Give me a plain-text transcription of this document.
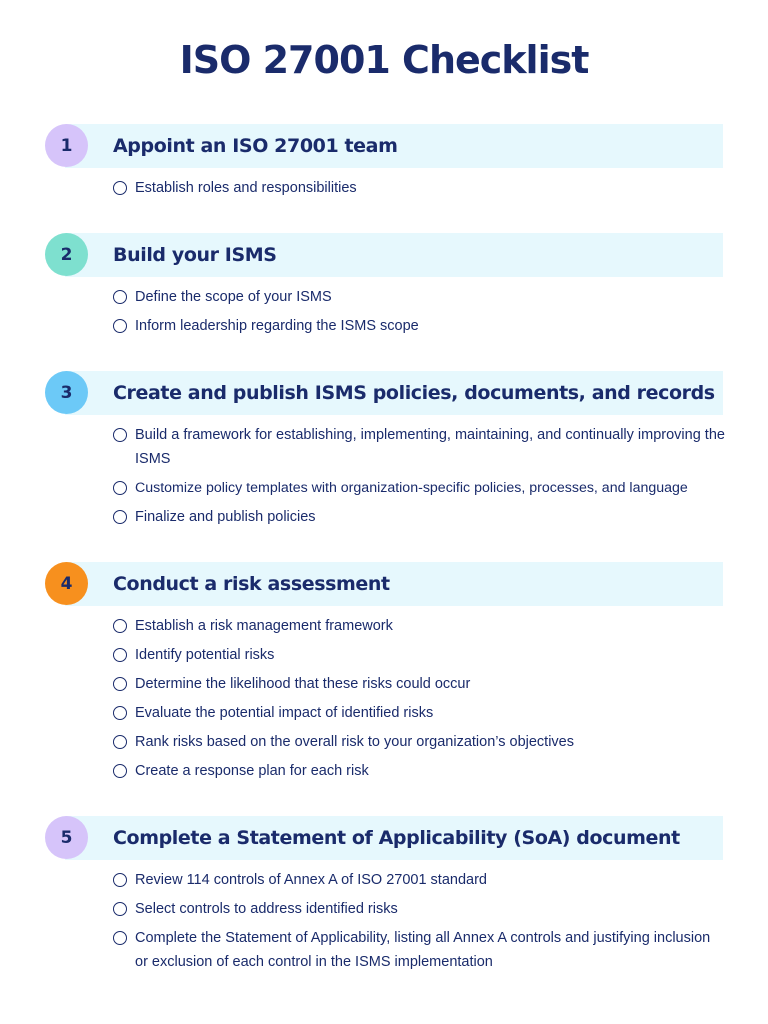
ISO 27001 Checklist
1	Appoint an ISO 27001 team
Establish roles and responsibilities
2	Build your ISMS
Define the scope of your ISMS
Inform leadership regarding the ISMS scope
3	Create and publish ISMS policies, documents, and records
Build a framework for establishing, implementing, maintaining, and continually improving the ISMS
Customize policy templates with organization-specific policies, processes, and language
Finalize and publish policies
4	Conduct a risk assessment
Establish a risk management framework
Identify potential risks
Determine the likelihood that these risks could occur
Evaluate the potential impact of identified risks
Rank risks based on the overall risk to your organization’s objectives
Create a response plan for each risk
5	Complete a Statement of Applicability (SoA) document
Review 114 controls of Annex A of ISO 27001 standard
Select controls to address identified risks
Complete the Statement of Applicability, listing all Annex A controls and justifying inclusion or exclusion of each control in the ISMS implementation
